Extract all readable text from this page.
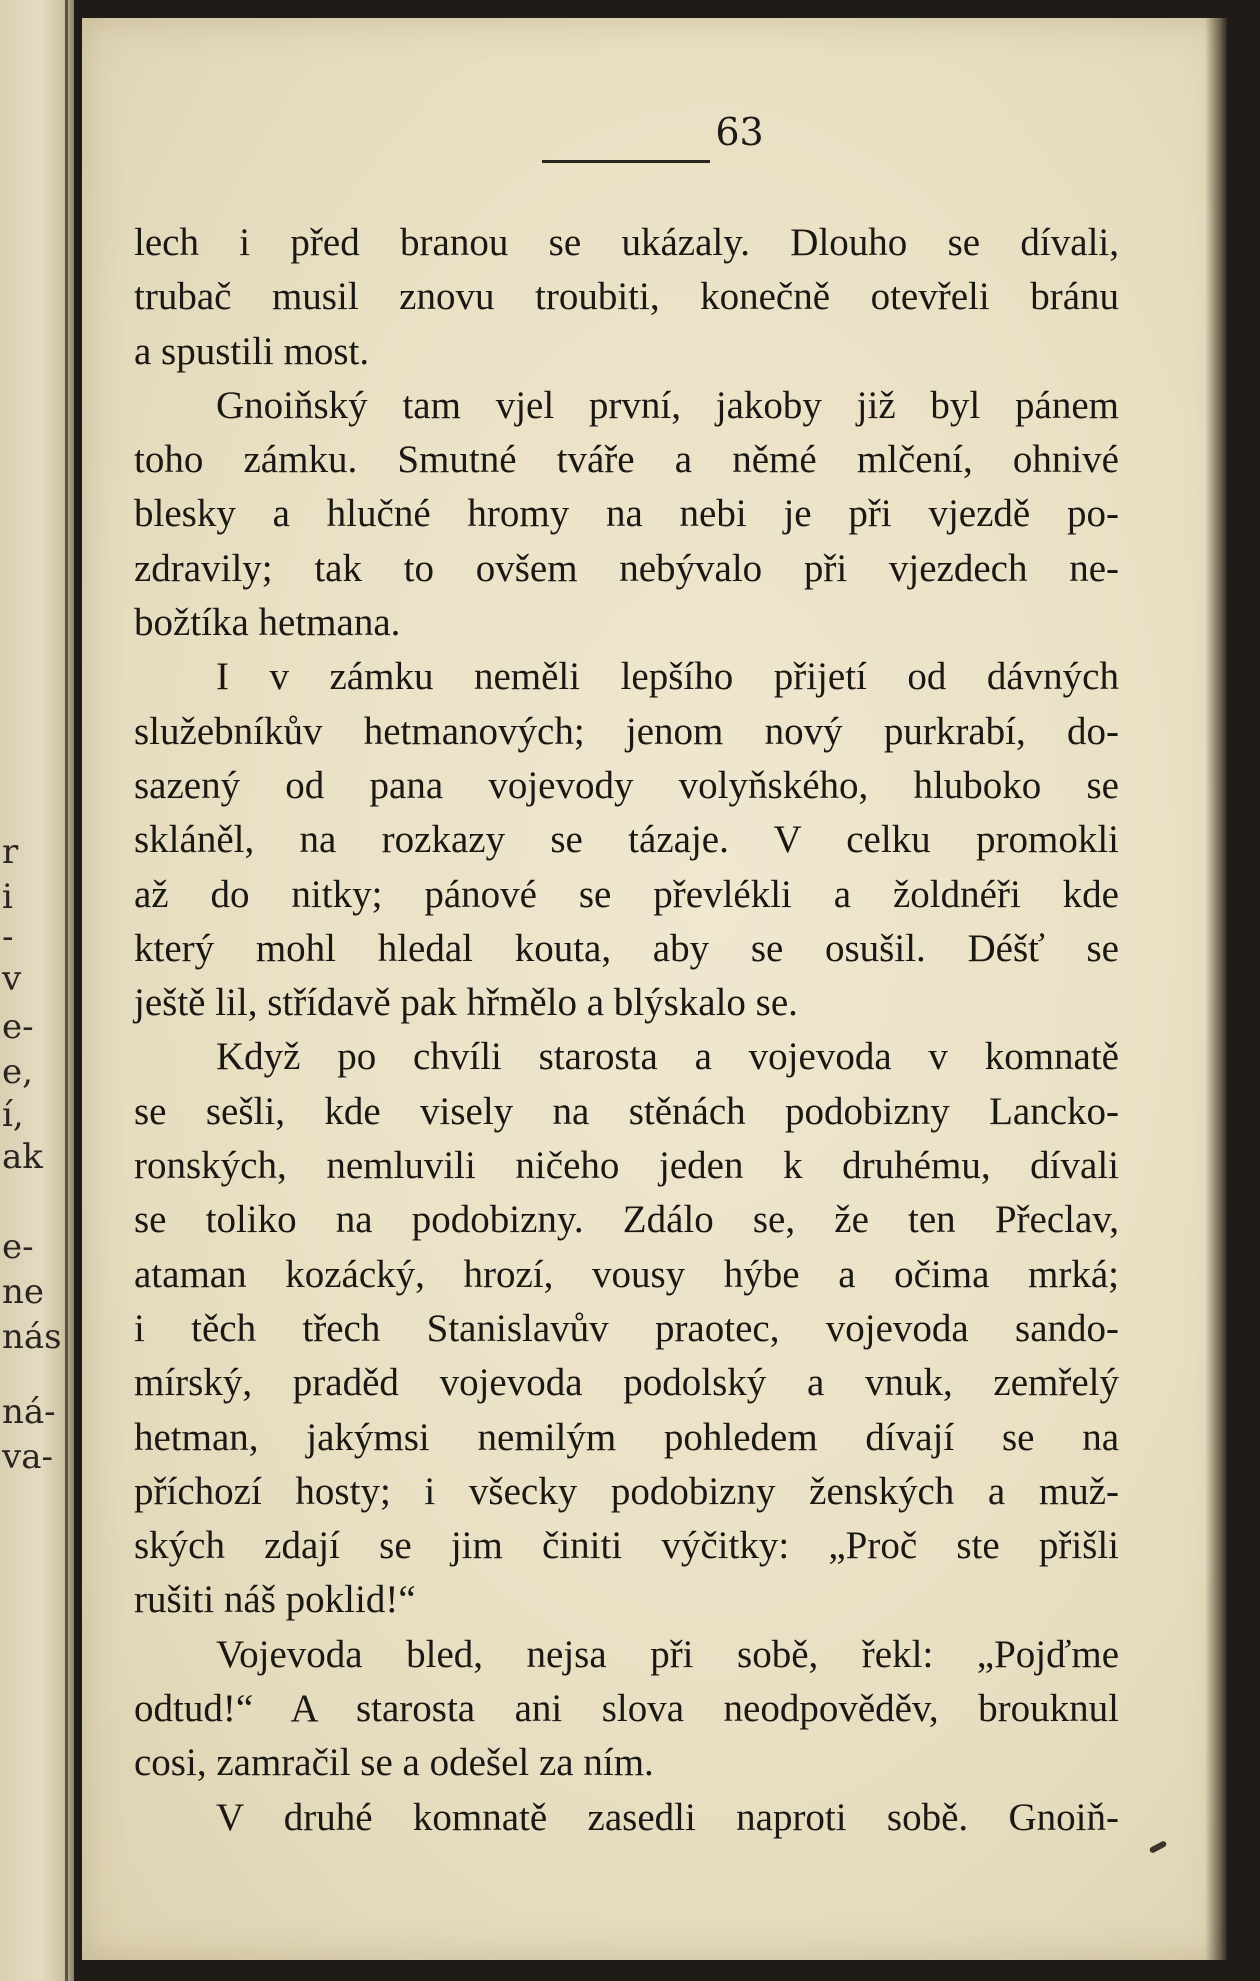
r
i
-
v
e-
e,
í,
ak
e-
ne
nás
ná-
va-
63
lech i před branou se ukázaly. Dlouho se dívali,
trubač musil znovu troubiti, konečně otevřeli bránu
a spustili most.
Gnoiňský tam vjel první, jakoby již byl pánem
toho zámku. Smutné tváře a němé mlčení, ohnivé
blesky a hlučné hromy na nebi je při vjezdě po-
zdravily; tak to ovšem nebývalo při vjezdech ne-
božtíka hetmana.
I v zámku neměli lepšího přijetí od dávných
služebníkův hetmanových; jenom nový purkrabí, do-
sazený od pana vojevody volyňského, hluboko se
skláněl, na rozkazy se tázaje. V celku promokli
až do nitky; pánové se převlékli a žoldnéři kde
který mohl hledal kouta, aby se osušil. Déšť se
ještě lil, střídavě pak hřmělo a blýskalo se.
Když po chvíli starosta a vojevoda v komnatě
se sešli, kde visely na stěnách podobizny Lancko-
ronských, nemluvili ničeho jeden k druhému, dívali
se toliko na podobizny. Zdálo se, že ten Přeclav,
ataman kozácký, hrozí, vousy hýbe a očima mrká;
i těch třech Stanislavův praotec, vojevoda sando-
mírský, praděd vojevoda podolský a vnuk, zemřelý
hetman, jakýmsi nemilým pohledem dívají se na
příchozí hosty; i všecky podobizny ženských a muž-
ských zdají se jim činiti výčitky: „Proč ste přišli
rušiti náš poklid!“
Vojevoda bled, nejsa při sobě, řekl: „Pojďme
odtud!“ A starosta ani slova neodpověděv, brouknul
cosi, zamračil se a odešel za ním.
V druhé komnatě zasedli naproti sobě. Gnoiň-
